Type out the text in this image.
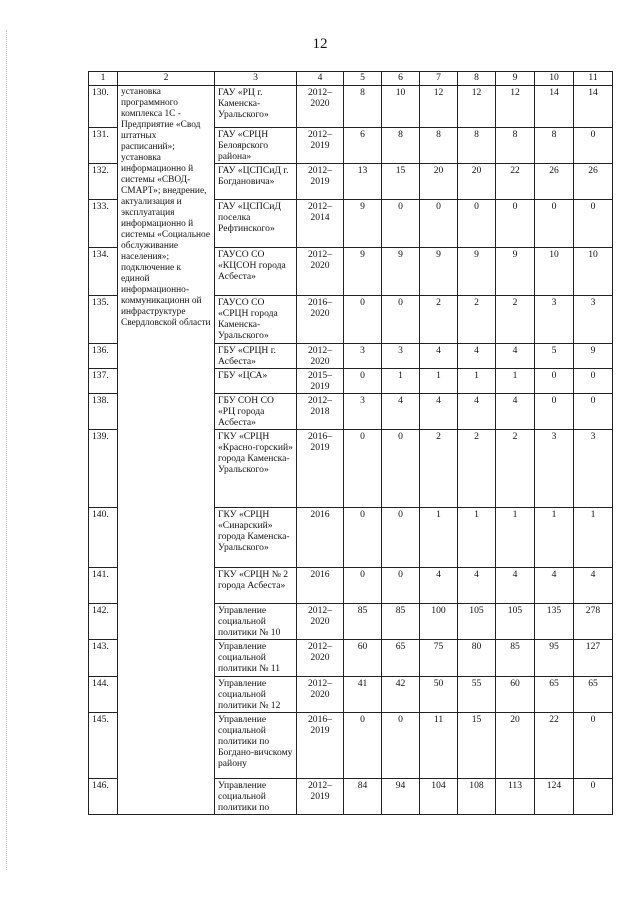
12
1	2	3	4	5	6	7	8	9	10	11
130.	установка программного комплекса 1С - Предприятие «Свод штатных расписаний»; установка информационно й системы «СВОД-СМАРТ»; внедрение, актуализация и эксплуатация информационно й системы «Социальное обслуживание населения»; подключение к единой информационно-коммуникационн ой инфраструктуре Свердловской области	ГАУ «РЦ г. Каменска-Уральского»	2012–2020	8	10	12	12	12	14	14
131.		ГАУ «СРЦН Белоярского района»	2012–2019	6	8	8	8	8	8	0
132.		ГАУ «ЦСПСиД г. Богдановича»	2012–2019	13	15	20	20	22	26	26
133.		ГАУ «ЦСПСиД поселка Рефтинского»	2012–2014	9	0	0	0	0	0	0
134.		ГАУСО СО «КЦСОН города Асбеста»	2012–2020	9	9	9	9	9	10	10
135.		ГАУСО СО «СРЦН города Каменска-Уральского»	2016–2020	0	0	2	2	2	3	3
136.		ГБУ «СРЦН г. Асбеста»	2012–2020	3	3	4	4	4	5	9
137.		ГБУ «ЦСА»	2015–2019	0	1	1	1	1	0	0
138.		ГБУ СОН СО «РЦ города Асбеста»	2012–2018	3	4	4	4	4	0	0
139.		ГКУ «СРЦН «Красно-горский» города Каменска-Уральского»	2016–2019	0	0	2	2	2	3	3
140.		ГКУ «СРЦН «Синарский» города Каменска-Уральского»	2016	0	0	1	1	1	1	1
141.		ГКУ «СРЦН № 2 города Асбеста»	2016	0	0	4	4	4	4	4
142.		Управление социальной политики № 10	2012–2020	85	85	100	105	105	135	278
143.		Управление социальной политики № 11	2012–2020	60	65	75	80	85	95	127
144.		Управление социальной политики № 12	2012–2020	41	42	50	55	60	65	65
145.		Управление социальной политики по Богдано-вичскому району	2016–2019	0	0	11	15	20	22	0
146.		Управление социальной политики по	2012–2019	84	94	104	108	113	124	0
